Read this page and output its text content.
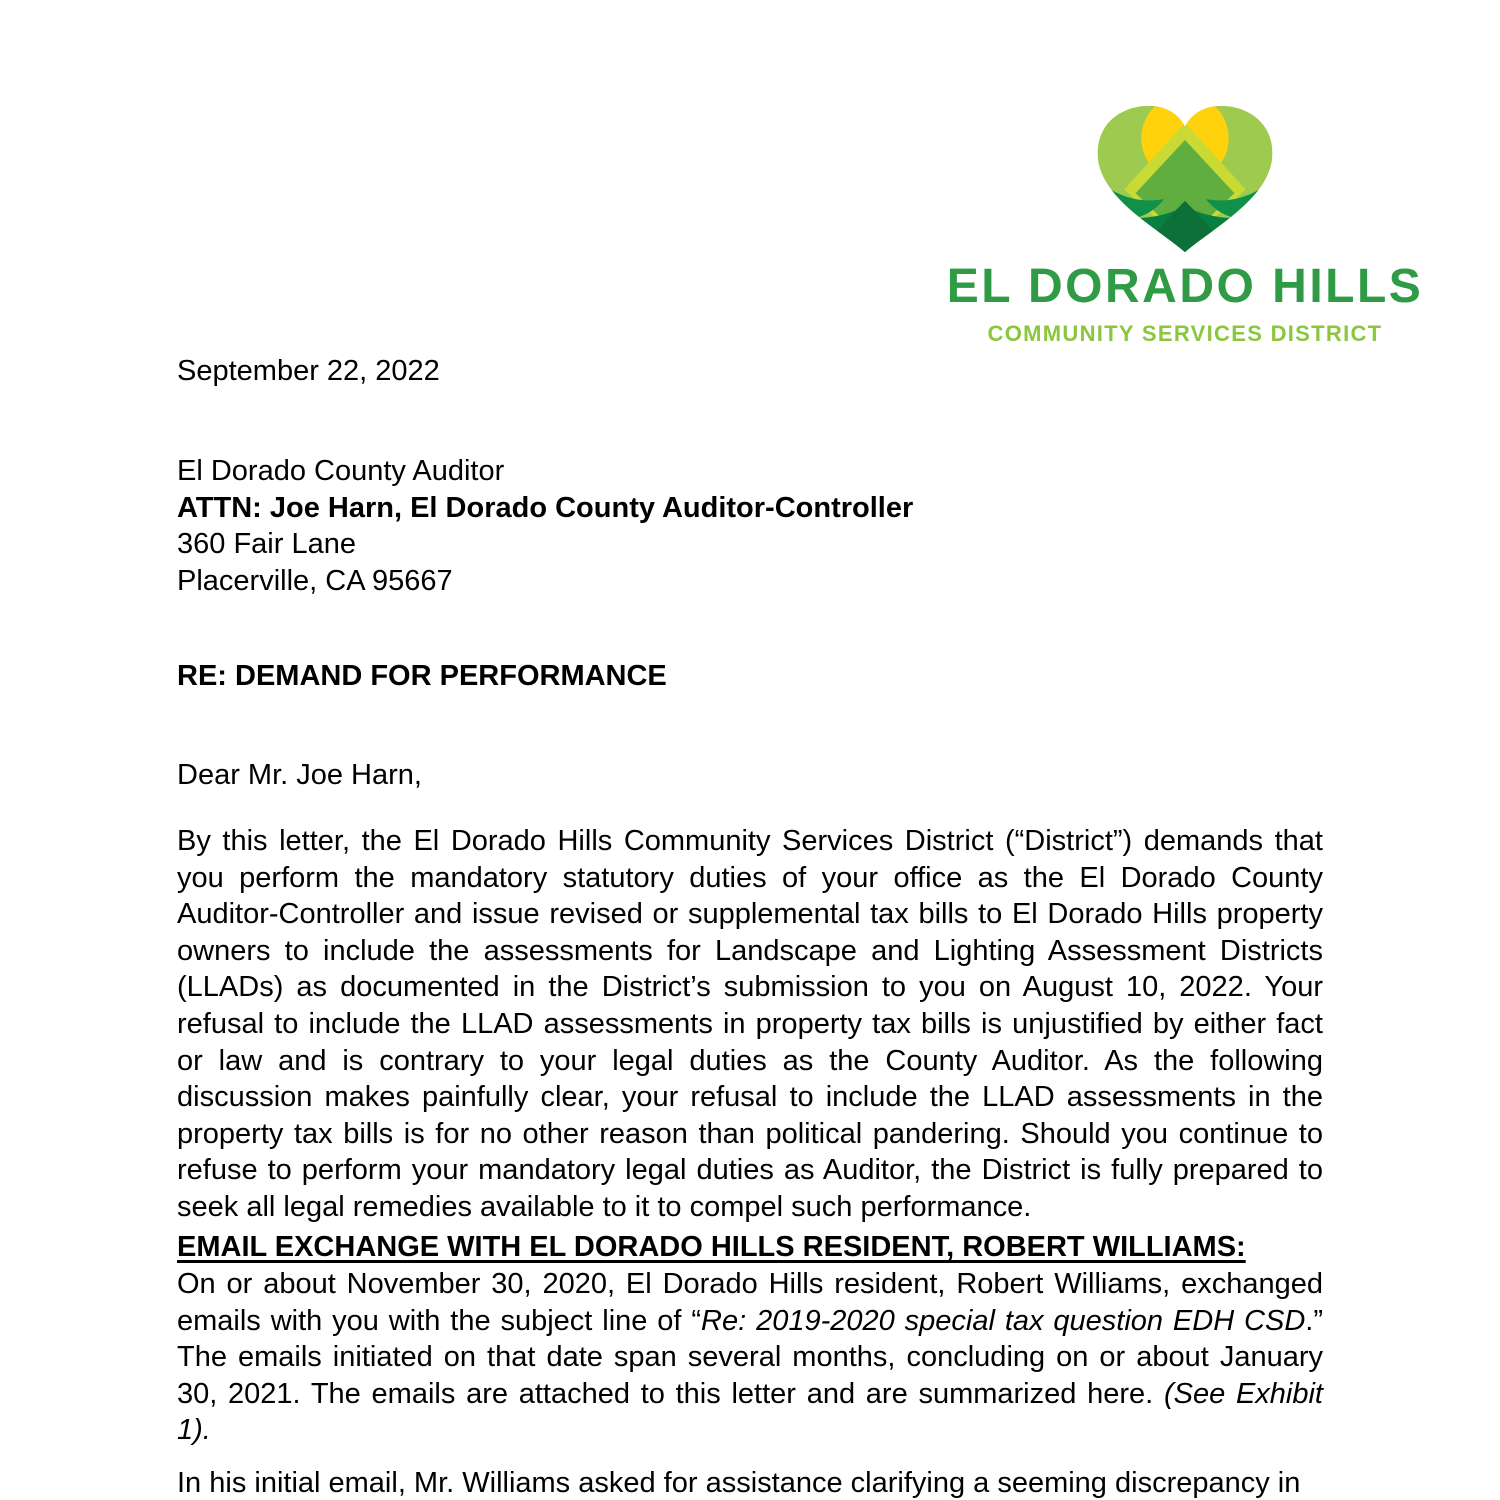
EL DORADO HILLS
COMMUNITY SERVICES DISTRICT
September 22, 2022
El Dorado County Auditor
ATTN: Joe Harn, El Dorado County Auditor-Controller
360 Fair Lane
Placerville, CA 95667
RE: DEMAND FOR PERFORMANCE
Dear Mr. Joe Harn,
By this letter, the El Dorado Hills Community Services District (“District”) demands that you perform the mandatory statutory duties of your office as the El Dorado County Auditor-Controller and issue revised or supplemental tax bills to El Dorado Hills property owners to include the assessments for Landscape and Lighting Assessment Districts (LLADs) as documented in the District’s submission to you on August 10, 2022. Your refusal to include the LLAD assessments in property tax bills is unjustified by either fact or law and is contrary to your legal duties as the County Auditor. As the following discussion makes painfully clear, your refusal to include the LLAD assessments in the property tax bills is for no other reason than political pandering. Should you continue to refuse to perform your mandatory legal duties as Auditor, the District is fully prepared to seek all legal remedies available to it to compel such performance.
EMAIL EXCHANGE WITH EL DORADO HILLS RESIDENT, ROBERT WILLIAMS:
On or about November 30, 2020, El Dorado Hills resident, Robert Williams, exchanged emails with you with the subject line of “Re: 2019-2020 special tax question EDH CSD.” The emails initiated on that date span several months, concluding on or about January 30, 2021. The emails are attached to this letter and are summarized here. (See Exhibit 1).
In his initial email, Mr. Williams asked for assistance clarifying a seeming discrepancy in
